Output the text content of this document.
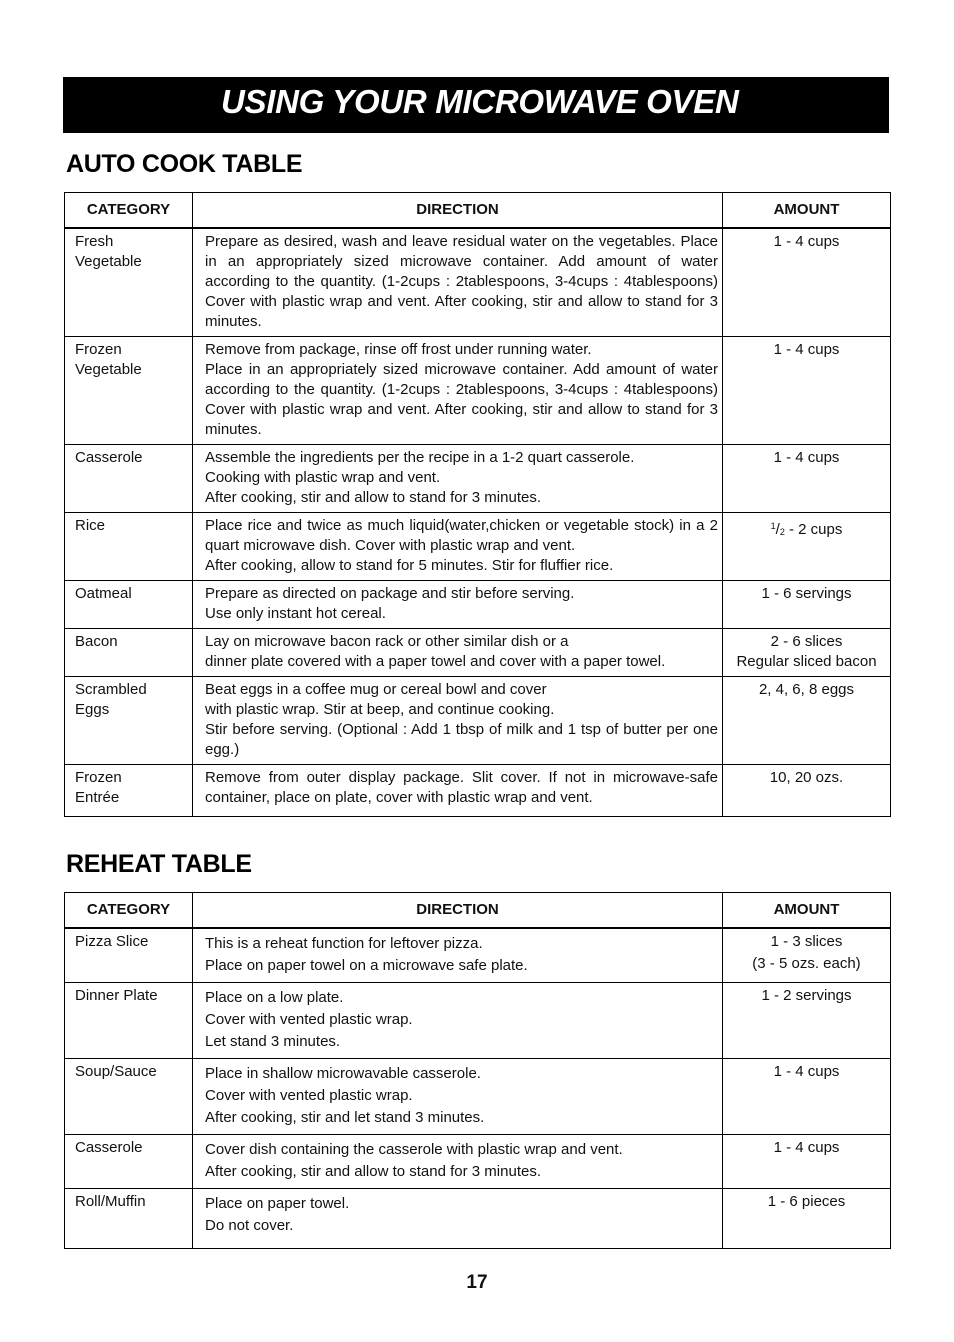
USING YOUR MICROWAVE OVEN
AUTO COOK TABLE
CATEGORY	DIRECTION	AMOUNT
Fresh
Vegetable	Prepare as desired, wash and leave residual water on the vegetables. Place in an appropriately sized microwave container. Add amount of water according to the quantity. (1-2cups : 2tablespoons, 3-4cups : 4tablespoons) Cover with plastic wrap and vent. After cooking, stir and allow to stand for 3 minutes.	1 - 4 cups
Frozen
Vegetable	Remove from package, rinse off frost under running water.
Place in an appropriately sized microwave container. Add amount of water according to the quantity. (1-2cups : 2tablespoons, 3-4cups : 4tablespoons) Cover with plastic wrap and vent. After cooking, stir and allow to stand for 3 minutes.	1 - 4 cups
Casserole	Assemble the ingredients per the recipe in a 1-2 quart casserole.
Cooking with plastic wrap and vent.
After cooking, stir and allow to stand for 3 minutes.	1 - 4 cups
Rice	Place rice and twice as much liquid(water,chicken or vegetable stock) in a 2 quart microwave dish. Cover with plastic wrap and vent.
After cooking, allow to stand for 5 minutes. Stir for fluffier rice.	$^1/_2 - 2$ cups
Oatmeal	Prepare as directed on package and stir before serving.
Use only instant hot cereal.	1 - 6 servings
Bacon	Lay on microwave bacon rack or other similar dish or a
dinner plate covered with a paper towel and cover with a paper towel.	2 - 6 slices
Regular sliced bacon

Scrambled
Eggs	Beat eggs in a coffee mug or cereal bowl and cover
with plastic wrap. Stir at beep, and continue cooking.
Stir before serving. (Optional : Add 1 tbsp of milk and 1 tsp of butter per one egg.)	2, 4, 6, 8 eggs
Frozen
Entrée	Remove from outer display package. Slit cover. If not in microwave-safe container, place on plate, cover with plastic wrap and vent.	10, 20 ozs.
REHEAT TABLE
CATEGORY	DIRECTION	AMOUNT
Pizza Slice	This is a reheat function for leftover pizza.
Place on paper towel on a microwave safe plate.	1 - 3 slices
(3 - 5 ozs. each)

Dinner Plate	Place on a low plate.
Cover with vented plastic wrap.
Let stand 3 minutes.	1 - 2 servings
Soup/Sauce	Place in shallow microwavable casserole.
Cover with vented plastic wrap.
After cooking, stir and let stand 3 minutes.	1 - 4 cups
Casserole	Cover dish containing the casserole with plastic wrap and vent.
After cooking, stir and allow to stand for 3 minutes.	1 - 4 cups
Roll/Muffin	Place on paper towel.
Do not cover.	1 - 6 pieces
17
